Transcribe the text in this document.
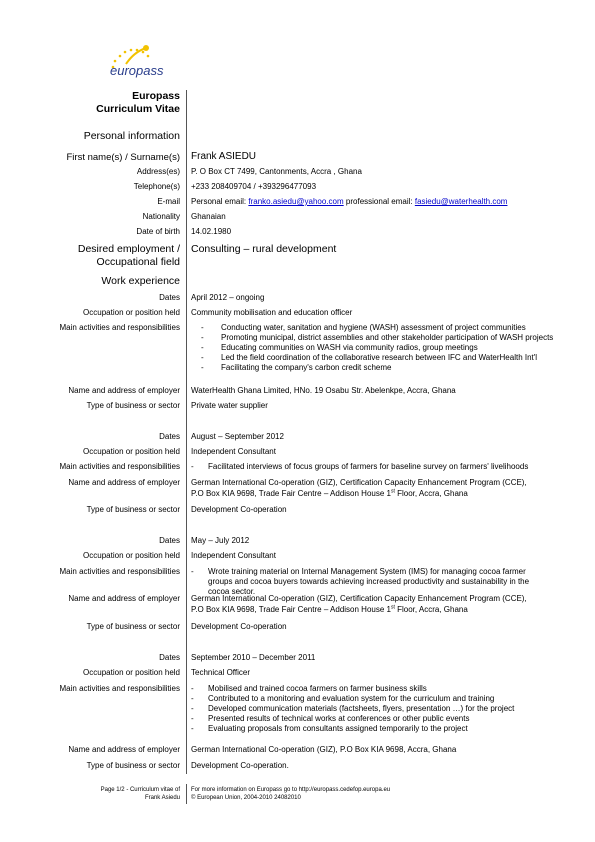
europass
Europass
Curriculum Vitae
Personal information
First name(s) / Surname(s) Frank ASIEDU
Address(es) P. O Box CT 7499, Cantonments, Accra , Ghana
Telephone(s) +233 208409704 / +393296477093
E-mail Personal email: franko.asiedu@yahoo.com professional email: fasiedu@waterhealth.com
Nationality Ghanaian
Date of birth 14.02.1980
Desired employment /
Occupational field
Consulting – rural development
Work experience
Dates April 2012 – ongoing
Occupation or position held Community mobilisation and education officer
Main activities and responsibilities	- Conducting water, sanitation and hygiene (WASH) assessment of project communities
- Promoting municipal, district assemblies and other stakeholder participation of WASH projects
- Educating communities on WASH via community radios, group meetings
- Led the field coordination of the collaborative research between IFC and WaterHealth Int'l
- Facilitating the company's carbon credit scheme
Name and address of employer WaterHealth Ghana Limited, HNo. 19 Osabu Str. Abelenkpe, Accra, Ghana
Type of business or sector Private water supplier
Dates August – September 2012
Occupation or position held Independent Consultant
Main activities and responsibilities - Facilitated interviews of focus groups of farmers for baseline survey on farmers' livelihoods
Name and address of employer German International Co-operation (GIZ), Certification Capacity Enhancement Program (CCE),
P.O Box KIA 9698, Trade Fair Centre – Addison House 1st Floor, Accra, Ghana
Type of business or sector Development Co-operation
Dates May – July 2012
Occupation or position held Independent Consultant
Main activities and responsibilities - Wrote training material on Internal Management System (IMS) for managing cocoa farmer groups and cocoa buyers towards achieving increased productivity and sustainability in the cocoa sector.
Name and address of employer German International Co-operation (GIZ), Certification Capacity Enhancement Program (CCE),
P.O Box KIA 9698, Trade Fair Centre – Addison House 1st Floor, Accra, Ghana
Type of business or sector Development Co-operation
Dates September 2010 – December 2011
Occupation or position held Technical Officer
Main activities and responsibilities - Mobilised and trained cocoa farmers on farmer business skills
- Contributed to a monitoring and evaluation system for the curriculum and training
- Developed communication materials (factsheets, flyers, presentation …) for the project
- Presented results of technical works at conferences or other public events
- Evaluating proposals from consultants assigned temporarily to the project
Name and address of employer German International Co-operation (GIZ), P.O Box KIA 9698, Accra, Ghana
Type of business or sector Development Co-operation.
Page 1/2 - Curriculum vitae of
Frank Asiedu
For more information on Europass go to http://europass.cedefop.europa.eu
© European Union, 2004-2010 24082010
